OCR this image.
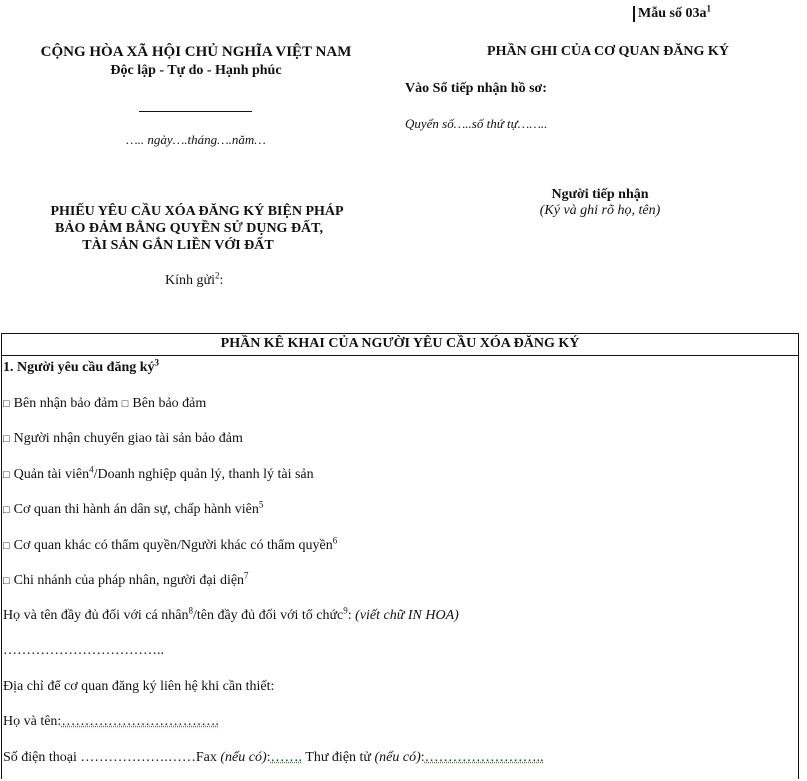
Mẫu số $03a^1$
CỘNG HÒA XÃ HỘI CHỦ NGHĨA VIỆT NAM
Độc lập - Tự do - Hạnh phúc
….. ngày….tháng….năm…
PHẦN GHI CỦA CƠ QUAN ĐĂNG KÝ
Vào Sổ tiếp nhận hồ sơ:
Quyển số…..số thứ tự……..
Người tiếp nhận
(Ký và ghi rõ họ, tên)
PHIẾU YÊU CẦU XÓA ĐĂNG KÝ BIỆN PHÁP
BẢO ĐẢM BẰNG QUYỀN SỬ DỤNG ĐẤT,
TÀI SẢN GẮN LIỀN VỚI ĐẤT
Kính gửi$^2$:
PHẦN KÊ KHAI CỦA NGƯỜI YÊU CẦU XÓA ĐĂNG KÝ
1. Người yêu cầu đăng $ký^3$
□ Bên nhận bảo đảm □ Bên bảo đảm
□ Người nhận chuyển giao tài sản bảo đảm
□ Quản tài viên$^4$/Doanh nghiệp quản lý, thanh lý tài sản
□ Cơ quan thi hành án dân sự, chấp hành viên$^5$
□ Cơ quan khác có thẩm quyền/Người khác có thẩm quyền$^6$
□ Chi nhánh của pháp nhân, người đại diện$^7$
Họ và tên đầy đủ đối với cá nhân$^8$/tên đầy đủ đối với tổ chức$^9$: (viết chữ IN HOA)
……………………………..
Địa chỉ để cơ quan đăng ký liên hệ khi cần thiết:
Họ và tên:…………………………….
Số điện thoại ……………….……Fax (nếu có):……. Thư điện tử (nếu có):……………………..
